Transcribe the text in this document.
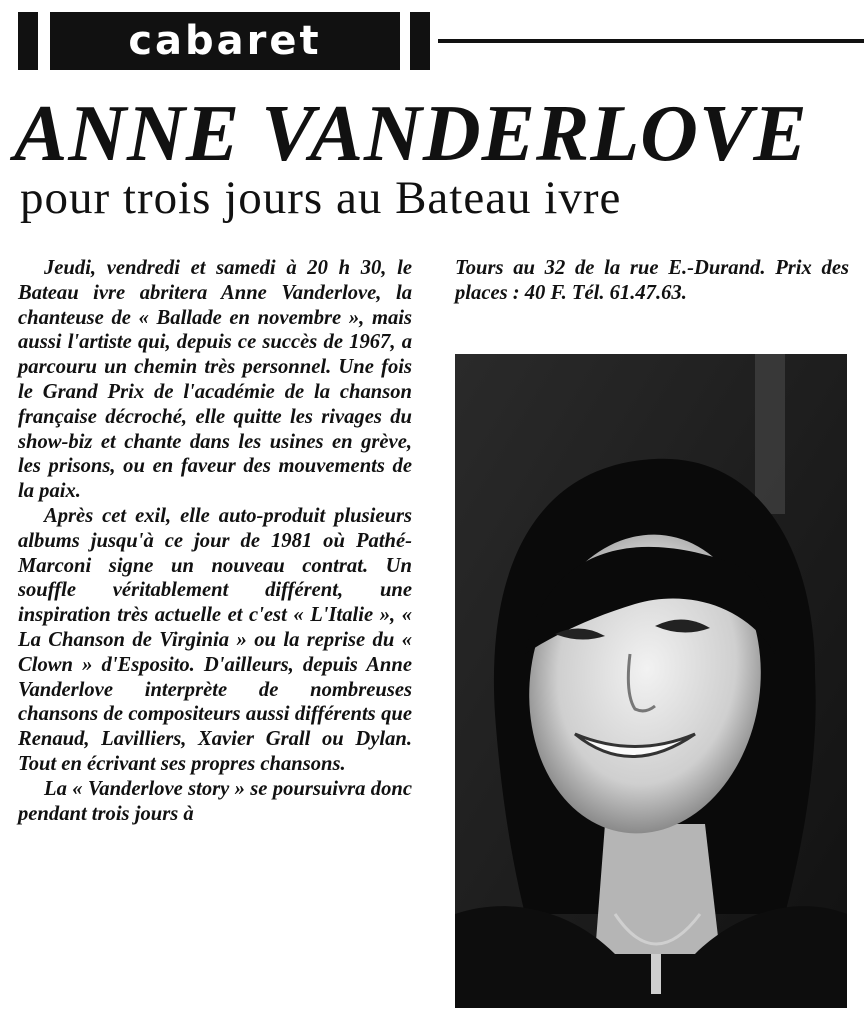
cabaret
ANNE VANDERLOVE
pour trois jours au Bateau ivre

Jeudi, vendredi et samedi à 20 h 30, le Bateau ivre abritera Anne Vanderlove, la chanteuse de « Ballade en novembre », mais aussi l'artiste qui, depuis ce succès de 1967, a parcouru un chemin très personnel. Une fois le Grand Prix de l'académie de la chanson française décroché, elle quitte les rivages du show-biz et chante dans les usines en grève, les prisons, ou en faveur des mouvements de la paix.

Après cet exil, elle auto-produit plusieurs albums jusqu'à ce jour de 1981 où Pathé-Marconi signe un nouveau contrat. Un souffle véritablement différent, une inspiration très actuelle et c'est « L'Italie », « La Chanson de Virginia » ou la reprise du « Clown » d'Esposito. D'ailleurs, depuis Anne Vanderlove interprète de nombreuses chansons de compositeurs aussi différents que Renaud, Lavilliers, Xavier Grall ou Dylan. Tout en écrivant ses propres chansons.

La « Vanderlove story » se poursuivra donc pendant trois jours à

Tours au 32 de la rue E.-Durand. Prix des places : 40 F. Tél. 61.47.63.
